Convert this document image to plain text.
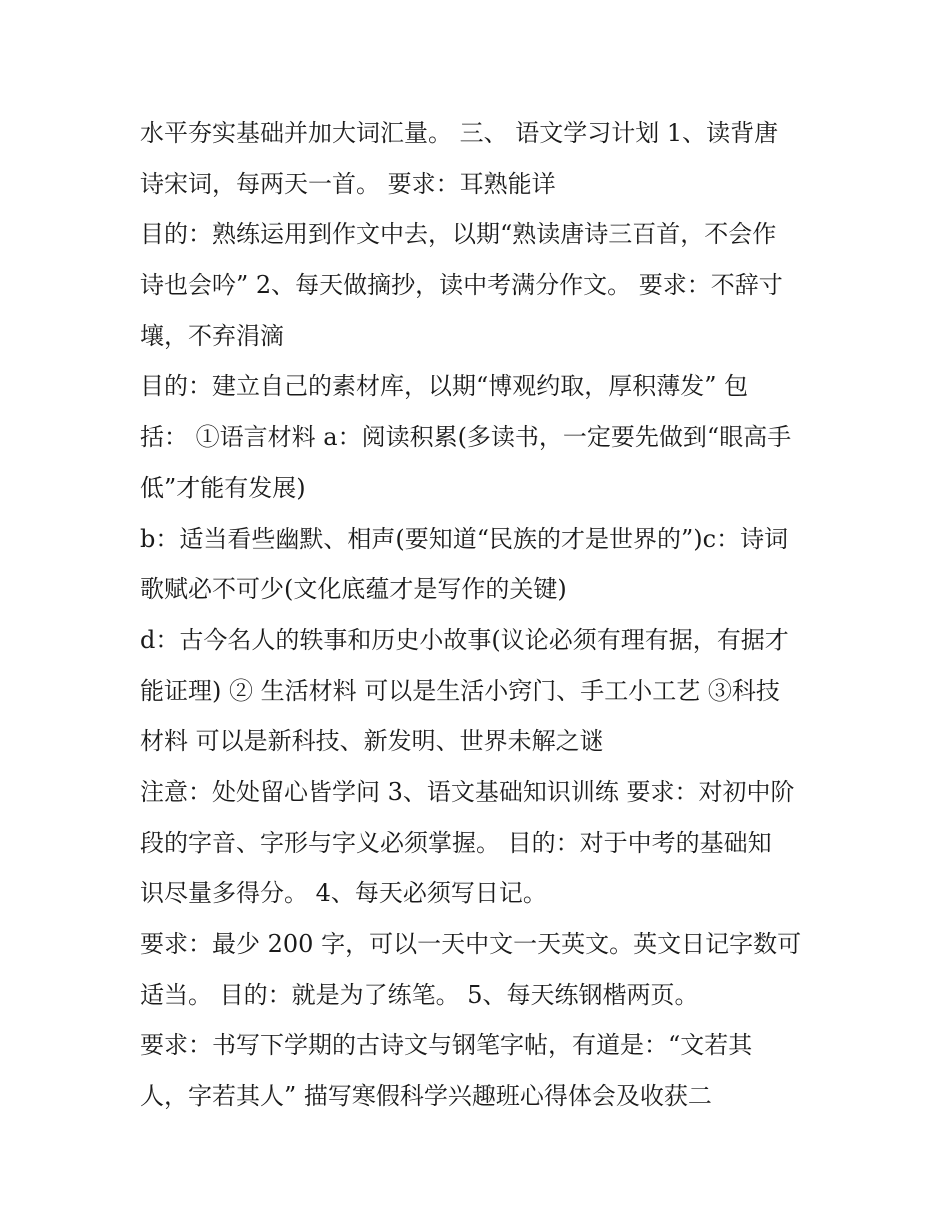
水平夯实基础并加大词汇量。 三、 语文学习计划 1、读背唐
诗宋词，每两天一首。 要求：耳熟能详
目的：熟练运用到作文中去，以期“熟读唐诗三百首，不会作
诗也会吟” 2、每天做摘抄，读中考满分作文。 要求：不辞寸
壤，不弃涓滴
目的：建立自己的素材库，以期“博观约取，厚积薄发” 包
括： ①语言材料 a：阅读积累(多读书，一定要先做到“眼高手
低”才能有发展)
b：适当看些幽默、相声(要知道“民族的才是世界的”)c：诗词
歌赋必不可少(文化底蕴才是写作的关键)
d：古今名人的轶事和历史小故事(议论必须有理有据，有据才
能证理) ② 生活材料 可以是生活小窍门、手工小工艺 ③科技
材料 可以是新科技、新发明、世界未解之谜
注意：处处留心皆学问 3、语文基础知识训练 要求：对初中阶
段的字音、字形与字义必须掌握。 目的：对于中考的基础知
识尽量多得分。 4、每天必须写日记。
要求：最少 200 字，可以一天中文一天英文。英文日记字数可
适当。 目的：就是为了练笔。 5、每天练钢楷两页。
要求：书写下学期的古诗文与钢笔字帖，有道是：“文若其
人，字若其人” 描写寒假科学兴趣班心得体会及收获二
